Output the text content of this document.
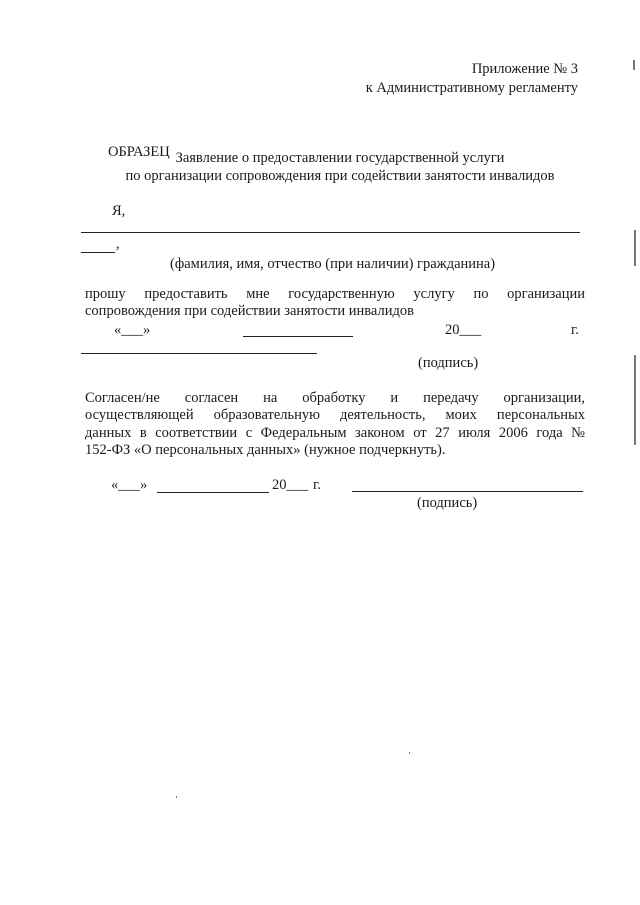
Приложение № 3
к Административному регламенту
ОБРАЗЕЦ Заявление о предоставлении государственной услуги
по организации сопровождения при содействии занятости инвалидов
Я,
,
(фамилия, имя, отчество (при наличии) гражданина)
прошу предоставить мне государственную услугу по организации
сопровождения при содействии занятости инвалидов
«___»	20___	г.
(подпись)
Согласен/не согласен на обработку и передачу организации,
осуществляющей образовательную деятельность, моих персональных
данных в соответствии с Федеральным законом от 27 июля 2006 года №
152-ФЗ «О персональных данных» (нужное подчеркнуть).
«___»	20___ г.
(подпись)
